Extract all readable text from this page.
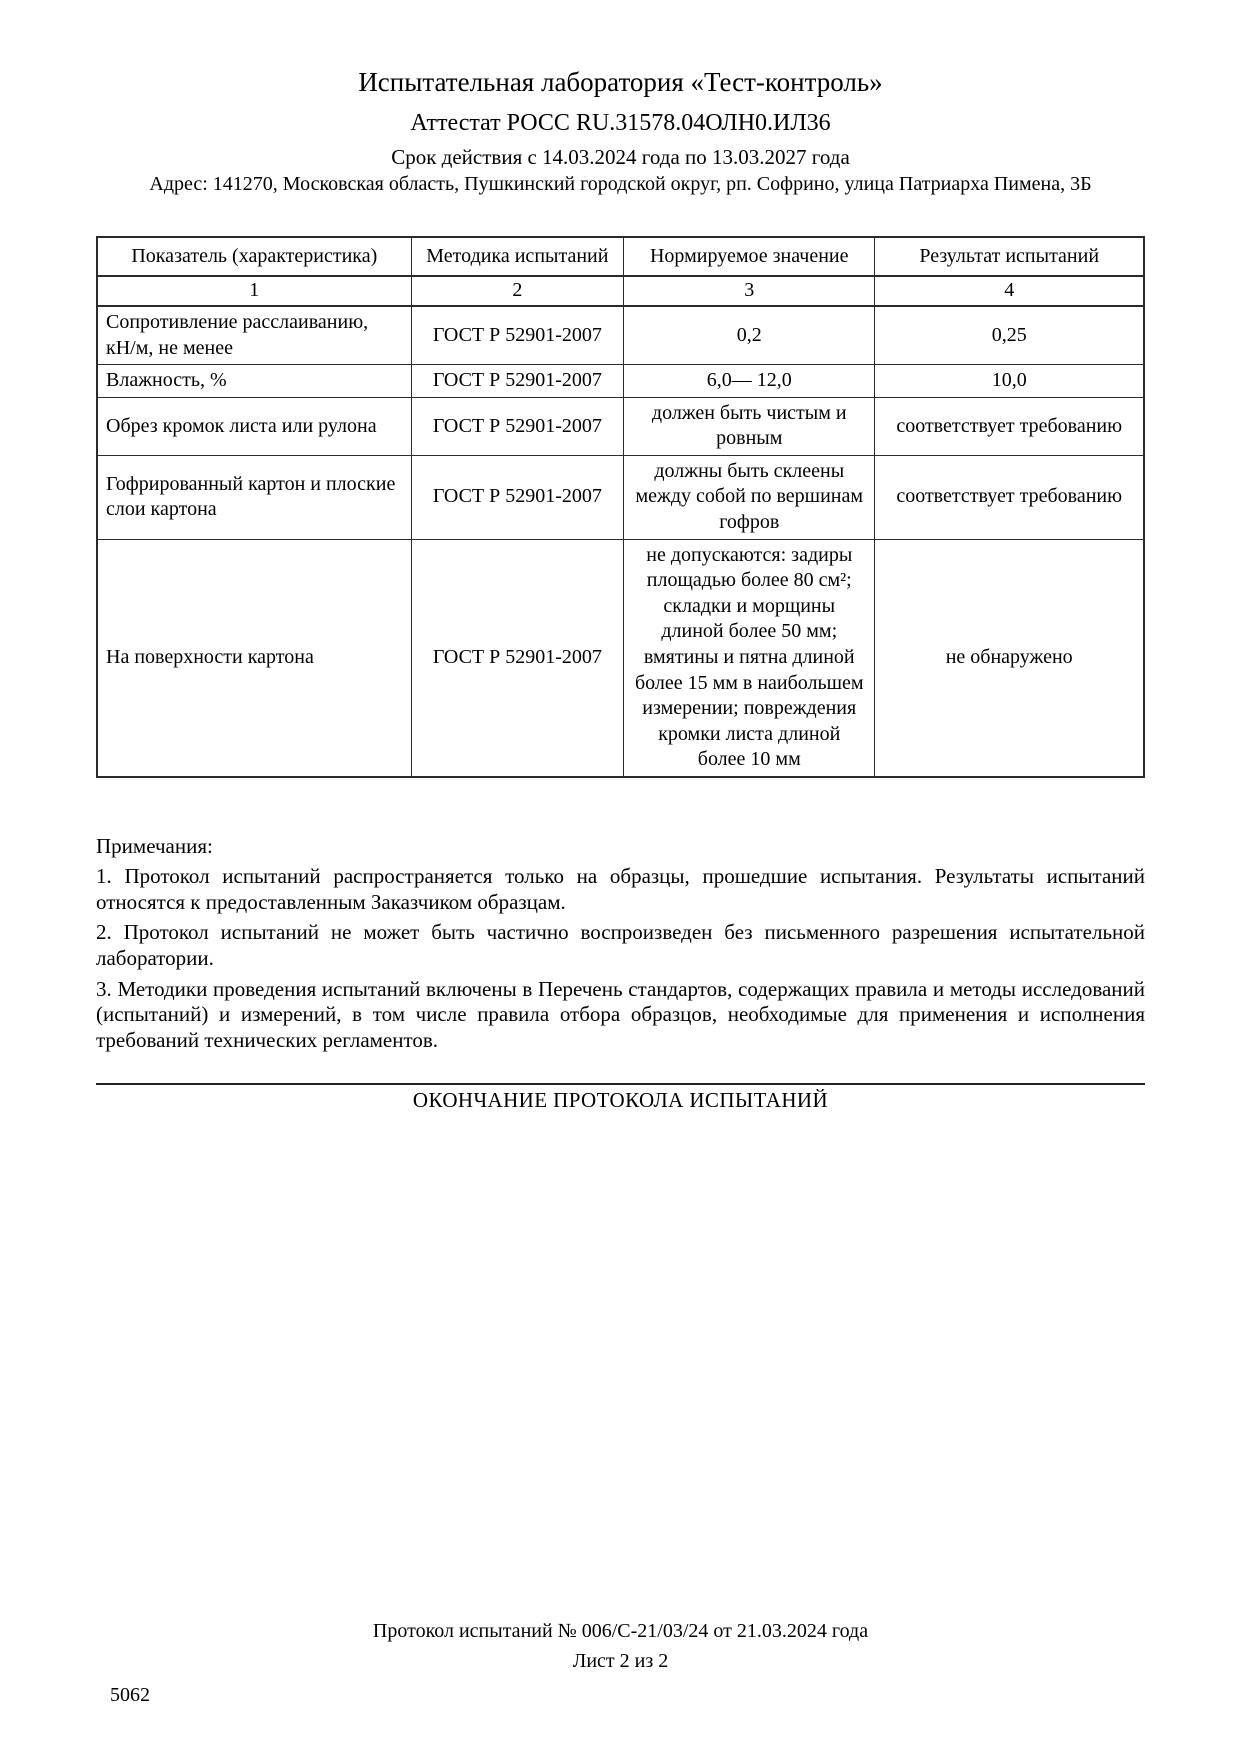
Испытательная лаборатория «Тест-контроль»
Аттестат РОСС RU.31578.04ОЛН0.ИЛ36
Срок действия с 14.03.2024 года по 13.03.2027 года
Адрес: 141270, Московская область, Пушкинский городской округ, рп. Софрино, улица Патриарха Пимена, 3Б
Показатель (характеристика)	Методика испытаний	Нормируемое значение	Результат испытаний
1	2	3	4
Сопротивление расслаиванию, кН/м, не менее	ГОСТ Р 52901-2007	0,2	0,25
Влажность, %	ГОСТ Р 52901-2007	6,0— 12,0	10,0
Обрез кромок листа или рулона	ГОСТ Р 52901-2007	должен быть чистым и ровным	соответствует требованию
Гофрированный картон и плоские слои картона	ГОСТ Р 52901-2007	должны быть склеены между собой по вершинам гофров	соответствует требованию
На поверхности картона	ГОСТ Р 52901-2007	не допускаются: задиры площадью более 80 см²; складки и морщины длиной более 50 мм; вмятины и пятна длиной более 15 мм в наибольшем измерении; повреждения кромки листа длиной более 10 мм	не обнаружено
Примечания:

1. Протокол испытаний распространяется только на образцы, прошедшие испытания. Результаты испытаний относятся к предоставленным Заказчиком образцам.

2. Протокол испытаний не может быть частично воспроизведен без письменного разрешения испытательной лаборатории.

3. Методики проведения испытаний включены в Перечень стандартов, содержащих правила и методы исследований (испытаний) и измерений, в том числе правила отбора образцов, необходимые для применения и исполнения требований технических регламентов.

ОКОНЧАНИЕ ПРОТОКОЛА ИСПЫТАНИЙ
Протокол испытаний № 006/С-21/03/24 от 21.03.2024 года
Лист 2 из 2
5062
